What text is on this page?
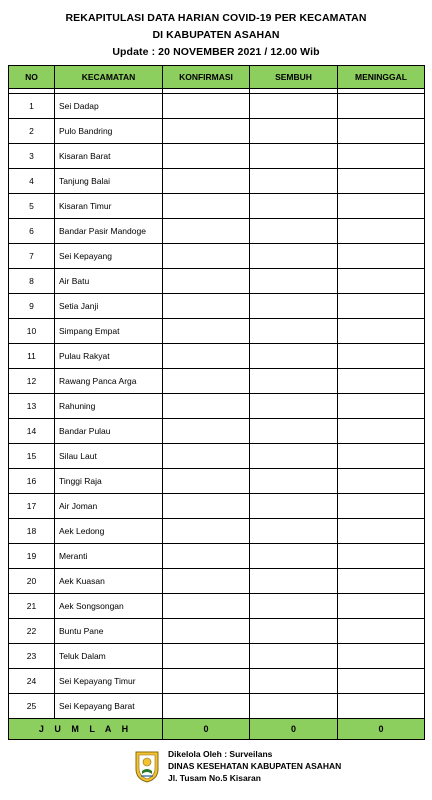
REKAPITULASI DATA HARIAN COVID-19 PER KECAMATAN
DI KABUPATEN ASAHAN
Update : 20 NOVEMBER 2021 / 12.00 Wib
NO	KECAMATAN	KONFIRMASI	SEMBUH	MENINGGAL

1	Sei Dadap			
2	Pulo Bandring			
3	Kisaran Barat			
4	Tanjung Balai			
5	Kisaran Timur			
6	Bandar Pasir Mandoge			
7	Sei Kepayang			
8	Air Batu			
9	Setia Janji			
10	Simpang Empat			
11	Pulau Rakyat			
12	Rawang Panca Arga			
13	Rahuning			
14	Bandar Pulau			
15	Silau Laut			
16	Tinggi Raja			
17	Air Joman			
18	Aek Ledong			
19	Meranti			
20	Aek Kuasan			
21	Aek Songsongan			
22	Buntu Pane			
23	Teluk Dalam			
24	Sei Kepayang Timur			
25	Sei Kepayang Barat			
J U M L A H		0	0	0
Dikelola Oleh : Surveilans
DINAS KESEHATAN KABUPATEN ASAHAN
Jl. Tusam No.5 Kisaran
